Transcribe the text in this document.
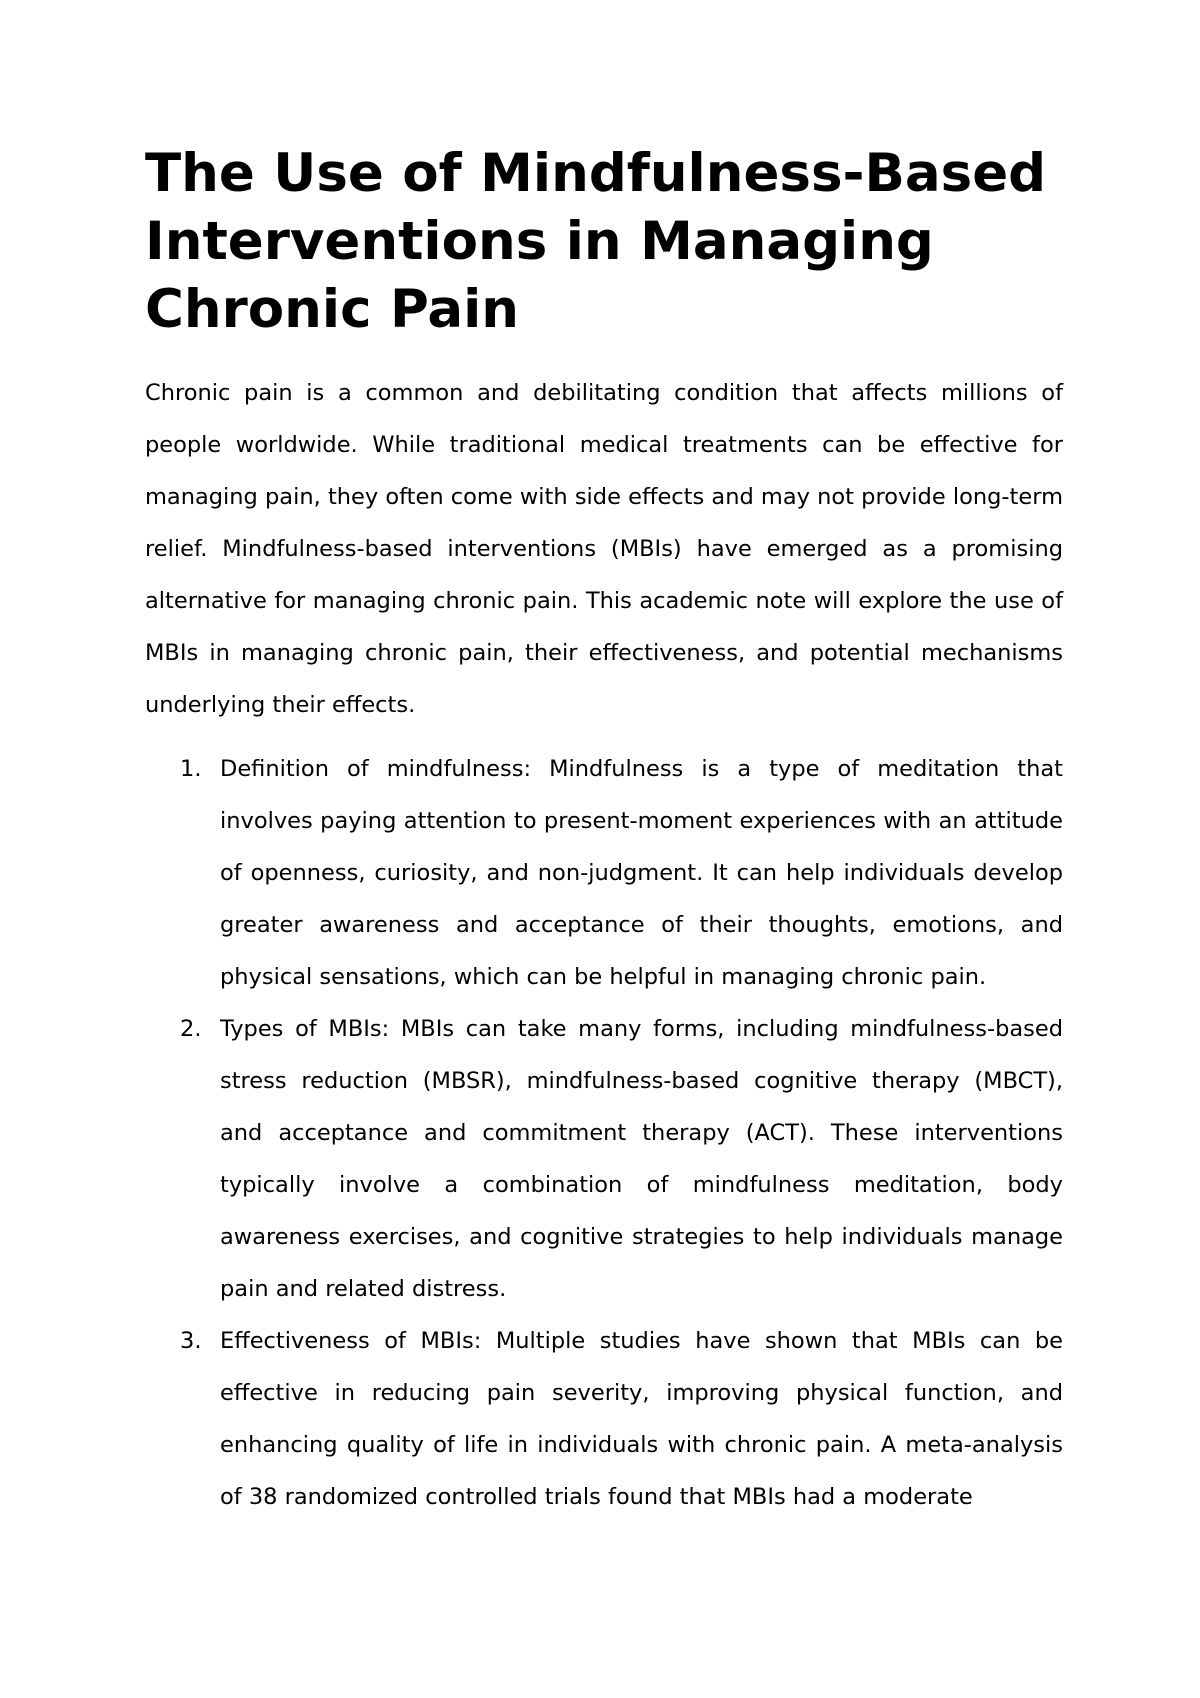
The Use of Mindfulness-Based Interventions in Managing Chronic Pain

Chronic pain is a common and debilitating condition that affects millions of people worldwide. While traditional medical treatments can be effective for managing pain, they often come with side effects and may not provide long-term relief. Mindfulness-based interventions (MBIs) have emerged as a promising alternative for managing chronic pain. This academic note will explore the use of MBIs in managing chronic pain, their effectiveness, and potential mechanisms underlying their effects.

1. Definition of mindfulness: Mindfulness is a type of meditation that involves paying attention to present-moment experiences with an attitude of openness, curiosity, and non-judgment. It can help individuals develop greater awareness and acceptance of their thoughts, emotions, and physical sensations, which can be helpful in managing chronic pain.
2. Types of MBIs: MBIs can take many forms, including mindfulness-based stress reduction (MBSR), mindfulness-based cognitive therapy (MBCT), and acceptance and commitment therapy (ACT). These interventions typically involve a combination of mindfulness meditation, body awareness exercises, and cognitive strategies to help individuals manage pain and related distress.
3. Effectiveness of MBIs: Multiple studies have shown that MBIs can be effective in reducing pain severity, improving physical function, and enhancing quality of life in individuals with chronic pain. A meta-analysis of 38 randomized controlled trials found that MBIs had a moderate
